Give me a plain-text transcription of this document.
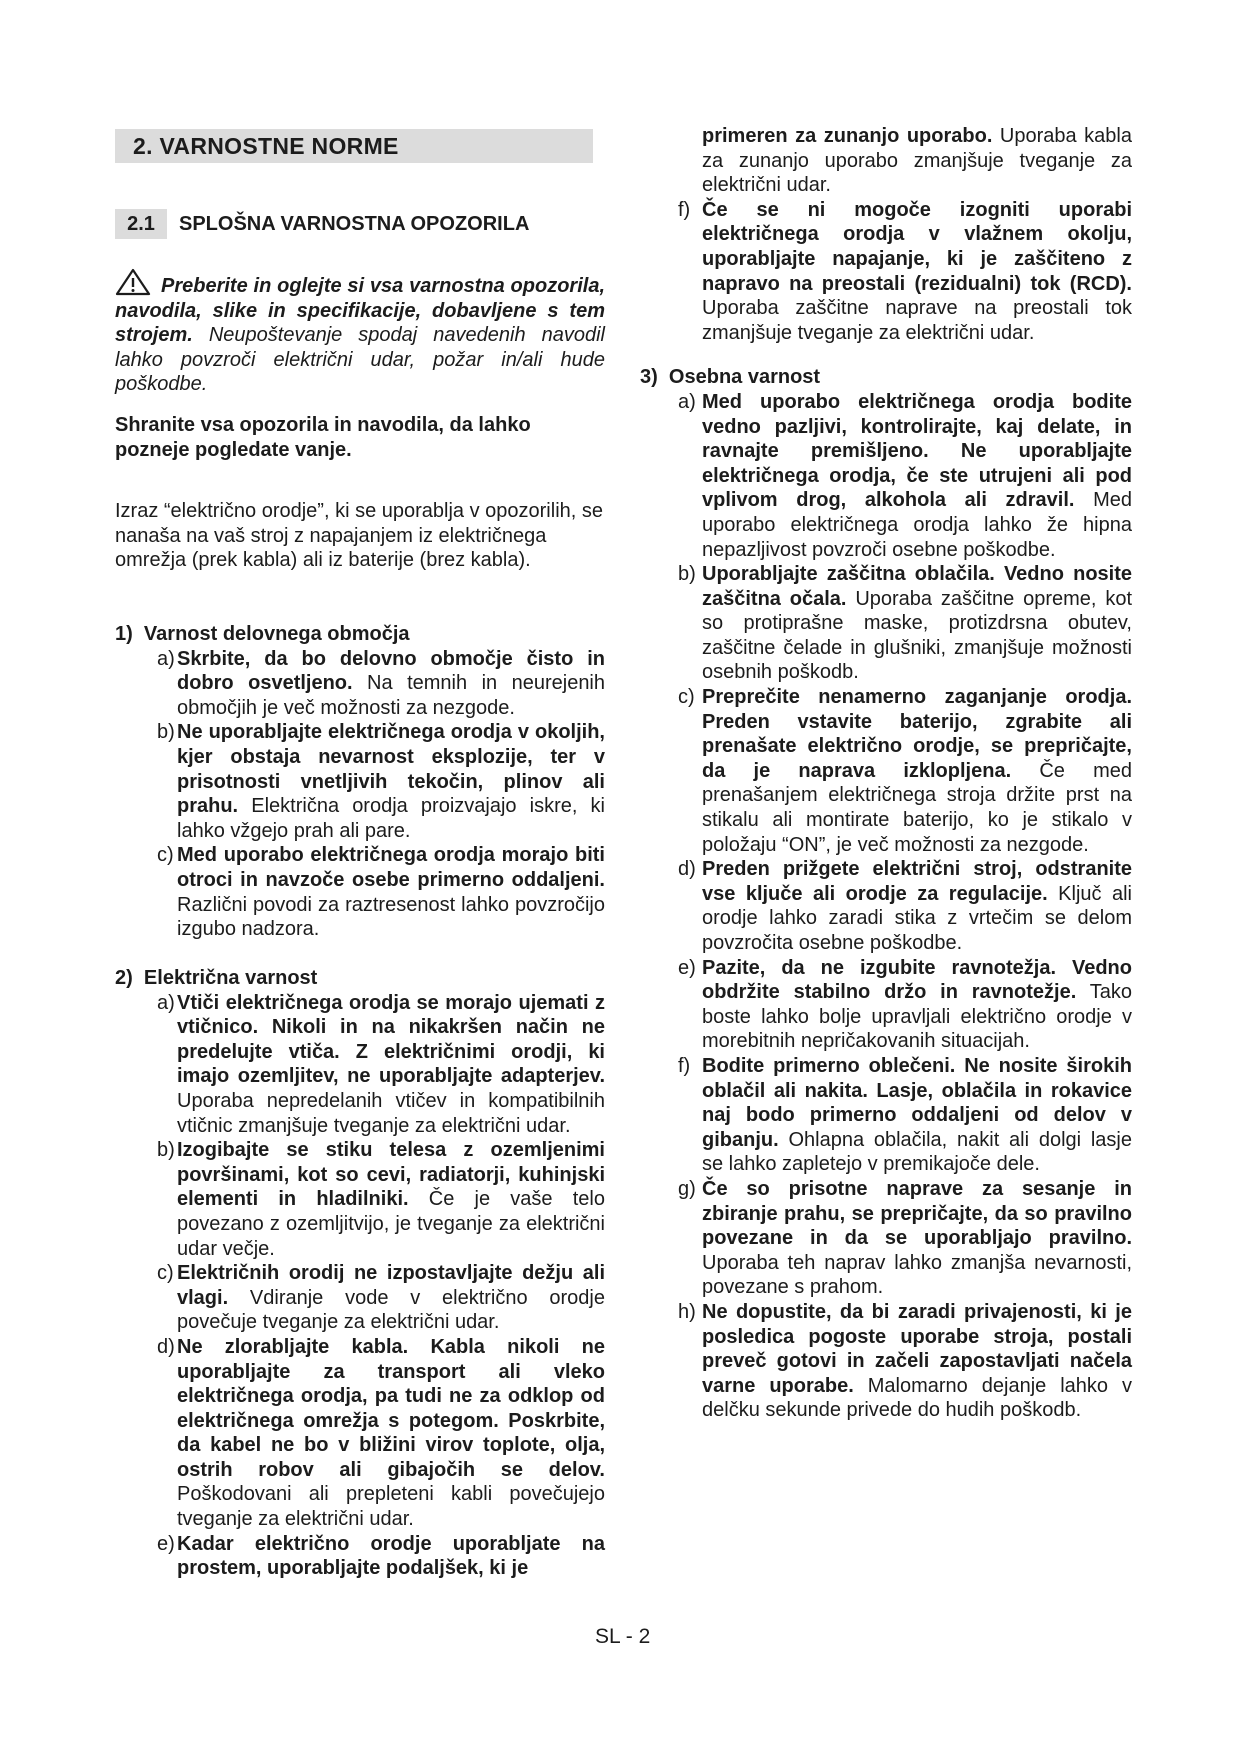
2. VARNOSTNE NORME
2.1 SPLOŠNA VARNOSTNA OPOZORILA
Preberite in oglejte si vsa varnostna opozorila, navodila, slike in specifikacije, dobavljene s tem strojem. Neupoštevanje spodaj navedenih navodil lahko povzroči električni udar, požar in/ali hude poškodbe.
Shranite vsa opozorila in navodila, da lahko pozneje pogledate vanje.
Izraz “električno orodje”, ki se uporablja v opozorilih, se nanaša na vaš stroj z napajanjem iz električnega omrežja (prek kabla) ali iz baterije (brez kabla).
1) Varnost delovnega območja

a) Skrbite, da bo delovno območje čisto in dobro osvetljeno. Na temnih in neurejenih območjih je več možnosti za nezgode.

b) Ne uporabljajte električnega orodja v okoljih, kjer obstaja nevarnost eksplozije, ter v prisotnosti vnetljivih tekočin, plinov ali prahu. Električna orodja proizvajajo iskre, ki lahko vžgejo prah ali pare.

c) Med uporabo električnega orodja morajo biti otroci in navzoče osebe primerno oddaljeni. Različni povodi za raztresenost lahko povzročijo izgubo nadzora.

2) Električna varnost

a) Vtiči električnega orodja se morajo ujemati z vtičnico. Nikoli in na nikakršen način ne predelujte vtiča. Z električnimi orodji, ki imajo ozemljitev, ne uporabljajte adapterjev. Uporaba nepredelanih vtičev in kompatibilnih vtičnic zmanjšuje tveganje za električni udar.

b) Izogibajte se stiku telesa z ozemljenimi površinami, kot so cevi, radiatorji, kuhinjski elementi in hladilniki. Če je vaše telo povezano z ozemljitvijo, je tveganje za električni udar večje.

c) Električnih orodij ne izpostavljajte dežju ali vlagi. Vdiranje vode v električno orodje povečuje tveganje za električni udar.

d) Ne zlorabljajte kabla. Kabla nikoli ne uporabljajte za transport ali vleko električnega orodja, pa tudi ne za odklop od električnega omrežja s potegom. Poskrbite, da kabel ne bo v bližini virov toplote, olja, ostrih robov ali gibajočih se delov. Poškodovani ali prepleteni kabli povečujejo tveganje za električni udar.

e) Kadar električno orodje uporabljate na prostem, uporabljajte podaljšek, ki je

primeren za zunanjo uporabo. Uporaba kabla za zunanjo uporabo zmanjšuje tveganje za električni udar.

f) Če se ni mogoče izogniti uporabi električnega orodja v vlažnem okolju, uporabljajte napajanje, ki je zaščiteno z napravo na preostali (rezidualni) tok (RCD). Uporaba zaščitne naprave na preostali tok zmanjšuje tveganje za električni udar.

3) Osebna varnost

a) Med uporabo električnega orodja bodite vedno pazljivi, kontrolirajte, kaj delate, in ravnajte premišljeno. Ne uporabljajte električnega orodja, če ste utrujeni ali pod vplivom drog, alkohola ali zdravil. Med uporabo električnega orodja lahko že hipna nepazljivost povzroči osebne poškodbe.

b) Uporabljajte zaščitna oblačila. Vedno nosite zaščitna očala. Uporaba zaščitne opreme, kot so protiprašne maske, protizdrsna obutev, zaščitne čelade in glušniki, zmanjšuje možnosti osebnih poškodb.

c) Preprečite nenamerno zaganjanje orodja. Preden vstavite baterijo, zgrabite ali prenašate električno orodje, se prepričajte, da je naprava izklopljena. Če med prenašanjem električnega stroja držite prst na stikalu ali montirate baterijo, ko je stikalo v položaju “ON”, je več možnosti za nezgode.

d) Preden prižgete električni stroj, odstranite vse ključe ali orodje za regulacije. Ključ ali orodje lahko zaradi stika z vrtečim se delom povzročita osebne poškodbe.

e) Pazite, da ne izgubite ravnotežja. Vedno obdržite stabilno držo in ravnotežje. Tako boste lahko bolje upravljali električno orodje v morebitnih nepričakovanih situacijah.

f) Bodite primerno oblečeni. Ne nosite širokih oblačil ali nakita. Lasje, oblačila in rokavice naj bodo primerno oddaljeni od delov v gibanju. Ohlapna oblačila, nakit ali dolgi lasje se lahko zapletejo v premikajoče dele.

g) Če so prisotne naprave za sesanje in zbiranje prahu, se prepričajte, da so pravilno povezane in da se uporabljajo pravilno. Uporaba teh naprav lahko zmanjša nevarnosti, povezane s prahom.

h) Ne dopustite, da bi zaradi privajenosti, ki je posledica pogoste uporabe stroja, postali preveč gotovi in začeli zapostavljati načela varne uporabe. Malomarno dejanje lahko v delčku sekunde privede do hudih poškodb.

SL - 2
